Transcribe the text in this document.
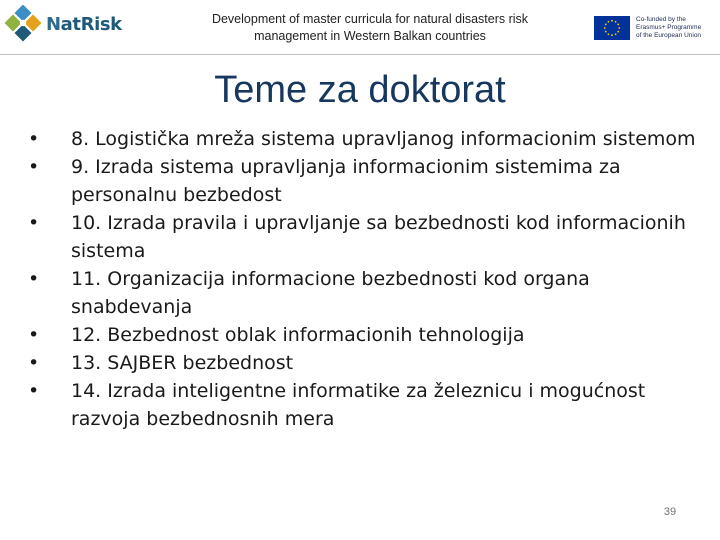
NatRisk	Development of master curricula for natural disasters risk
management in Western Balkan countries
Co-funded by the
Erasmus+ Programme
of the European Union
Teme za doktorat
• 8. Logistička mreža sistema upravljanog informacionim sistemom
• 9. Izrada sistema upravljanja informacionim sistemima za personalnu bezbedost
• 10. Izrada pravila i upravljanje sa bezbednosti kod informacionih sistema
• 11. Organizacija informacione bezbednosti kod organa snabdevanja
• 12. Bezbednost oblak informacionih tehnologija
• 13. SAJBER bezbednost
• 14. Izrada inteligentne informatike za železnicu i mogućnost razvoja bezbednosnih mera
39
